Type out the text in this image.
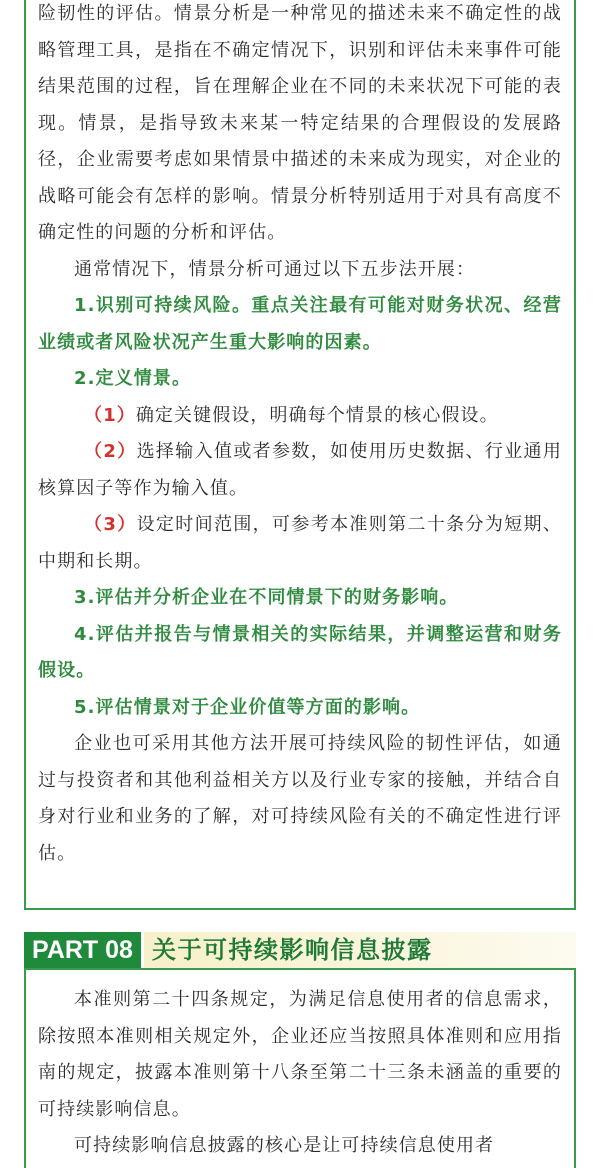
险韧性的评估。情景分析是一种常见的描述未来不确定性的战略管理工具，是指在不确定情况下，识别和评估未来事件可能结果范围的过程，旨在理解企业在不同的未来状况下可能的表现。情景，是指导致未来某一特定结果的合理假设的发展路径，企业需要考虑如果情景中描述的未来成为现实，对企业的战略可能会有怎样的影响。情景分析特别适用于对具有高度不确定性的问题的分析和评估。

通常情况下，情景分析可通过以下五步法开展：

1.识别可持续风险。重点关注最有可能对财务状况、经营业绩或者风险状况产生重大影响的因素。

2.定义情景。

（1）确定关键假设，明确每个情景的核心假设。

（2）选择输入值或者参数，如使用历史数据、行业通用核算因子等作为输入值。

（3）设定时间范围，可参考本准则第二十条分为短期、中期和长期。

3.评估并分析企业在不同情景下的财务影响。

4.评估并报告与情景相关的实际结果，并调整运营和财务假设。

5.评估情景对于企业价值等方面的影响。

企业也可采用其他方法开展可持续风险的韧性评估，如通过与投资者和其他利益相关方以及行业专家的接触，并结合自身对行业和业务的了解，对可持续风险有关的不确定性进行评估。

PART 08 关于可持续影响信息披露

本准则第二十四条规定，为满足信息使用者的信息需求，除按照本准则相关规定外，企业还应当按照具体准则和应用指南的规定，披露本准则第十八条至第二十三条未涵盖的重要的可持续影响信息。

可持续影响信息披露的核心是让可持续信息使用者
